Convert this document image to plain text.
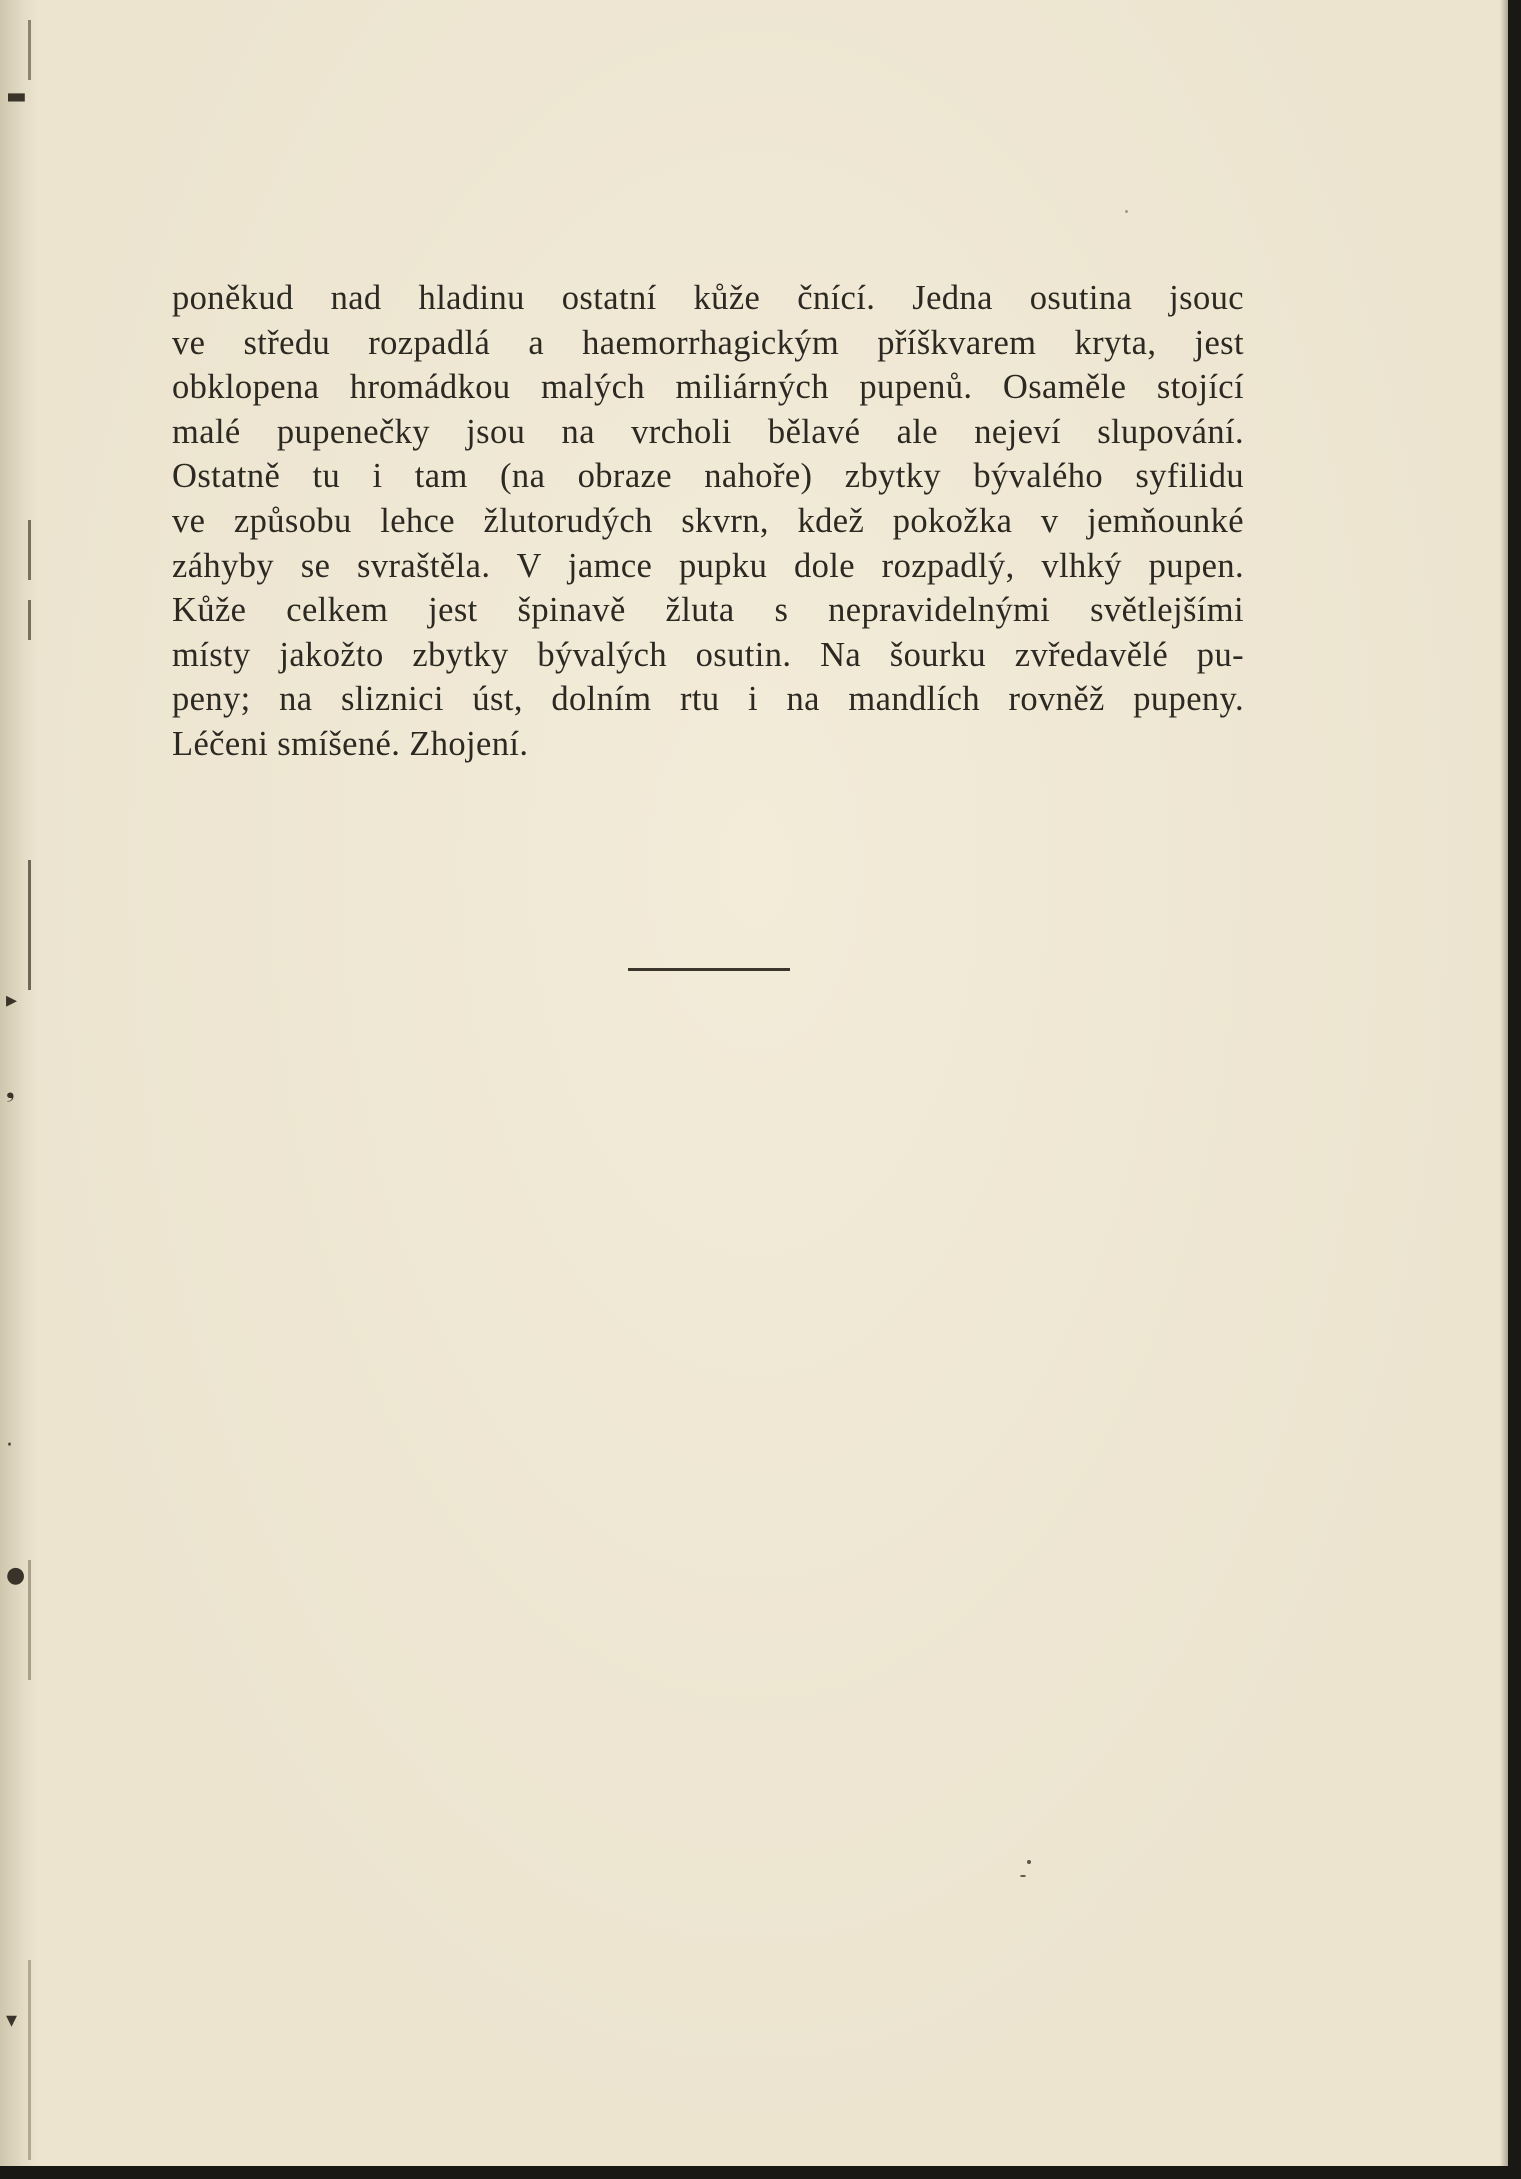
▬
▸
❟
·
●
▾
poněkud nad hladinu ostatní kůže čnící. Jedna osutina jsouc
ve středu rozpadlá a haemorrhagickým příškvarem kryta, jest
obklopena hromádkou malých miliárných pupenů. Osaměle stojící
malé pupenečky jsou na vrcholi bělavé ale nejeví slupování.
Ostatně tu i tam (na obraze nahoře) zbytky bývalého syfilidu
ve způsobu lehce žlutorudých skvrn, kdež pokožka v jemňounké
záhyby se svraštěla. V jamce pupku dole rozpadlý, vlhký pupen.
Kůže celkem jest špinavě žluta s nepravidelnými světlejšími
místy jakožto zbytky bývalých osutin. Na šourku zvředavělé pu-
peny; na sliznici úst, dolním rtu i na mandlích rovněž pupeny.
Léčeni smíšené. Zhojení.
